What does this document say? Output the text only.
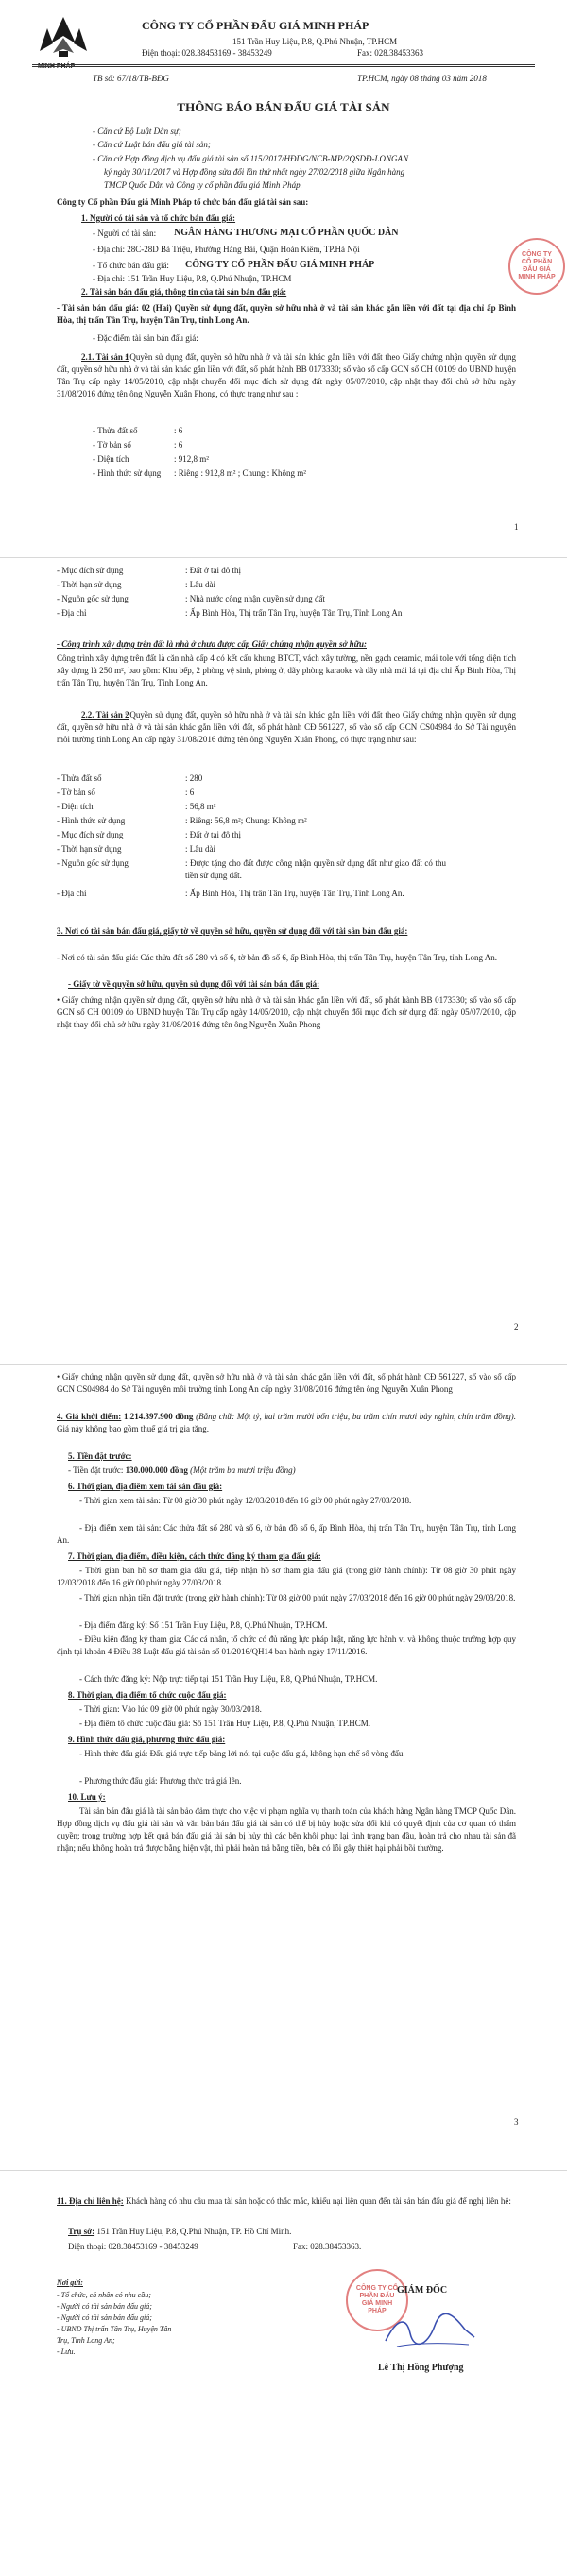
CÔNG TY CỔ PHẦN ĐẤU GIÁ MINH PHÁP
151 Trần Huy Liệu, P.8, Q.Phú Nhuận, TP.HCM
Điện thoại: 028.38453169 - 38453249	Fax: 028.38453363
TB số: 67/18/TB-BĐG	TP.HCM, ngày 08 tháng 03 năm 2018
THÔNG BÁO BÁN ĐẤU GIÁ TÀI SẢN
- Căn cứ Bộ Luật Dân sự;
- Căn cứ Luật bán đấu giá tài sản;
- Căn cứ Hợp đồng dịch vụ đấu giá tài sản số 115/2017/HĐDG/NCB-MP/2QSDĐ-LONGAN
ký ngày 30/11/2017 và Hợp đồng sửa đổi lần thứ nhất ngày 27/02/2018 giữa Ngân hàng
TMCP Quốc Dân và Công ty cổ phần đấu giá Minh Pháp.
Công ty Cổ phần Đấu giá Minh Pháp tổ chức bán đấu giá tài sản sau:
1. Người có tài sản và tổ chức bán đấu giá:
- Người có tài sản: NGÂN HÀNG THƯƠNG MẠI CỔ PHẦN QUỐC DÂN
- Địa chỉ: 28C-28D Bà Triệu, Phường Hàng Bài, Quận Hoàn Kiếm, TP.Hà Nội
- Tổ chức bán đấu giá: CÔNG TY CỔ PHẦN ĐẤU GIÁ MINH PHÁP
- Địa chỉ: 151 Trần Huy Liệu, P.8, Q.Phú Nhuận, TP.HCM
2. Tài sản bán đấu giá, thông tin của tài sản bán đấu giá:
- Tài sản bán đấu giá: 02 (Hai) Quyền sử dụng đất, quyền sở hữu nhà ở và tài sản khác gắn liền với đất tại địa chỉ ấp Bình Hòa, thị trấn Tân Trụ, huyện Tân Trụ, tỉnh Long An.
- Đặc điểm tài sản bán đấu giá:
2.1. Tài sản 1
: Quyền sử dụng đất, quyền sở hữu nhà ở và tài sản khác gắn liền với đất theo Giấy chứng nhận quyền sử dụng đất, quyền sở hữu nhà ở và tài sản khác gắn liền với đất, số phát hành BB 0173330; số vào sổ cấp GCN số CH 00109 do UBND huyện Tân Trụ cấp ngày 14/05/2010, cập nhật chuyển đổi mục đích sử dụng đất ngày 05/07/2010, cập nhật thay đổi chủ sở hữu ngày 31/08/2016 đứng tên ông Nguyễn Xuân Phong, có thực trạng như sau :
- Thửa đất số	: 6
- Tờ bản số	: 6
- Diện tích	: 912,8 m²
- Hình thức sử dụng : Riêng : 912,8 m² ; Chung : Không m²
CÔNG TY CỔ PHẦN ĐẤU GIÁ MINH PHÁP
1
- Mục đích sử dụng	: Đất ở tại đô thị
- Thời hạn sử dụng	: Lâu dài
- Nguồn gốc sử dụng	: Nhà nước công nhận quyền sử dụng đất
- Địa chỉ	: Ấp Bình Hòa, Thị trấn Tân Trụ, huyện Tân Trụ, Tỉnh Long An
- Công trình xây dựng trên đất là nhà ở chưa được cấp Giấy chứng nhận quyền sở hữu:
Công trình xây dựng trên đất là căn nhà cấp 4 có kết cấu khung BTCT, vách xây tường, nền gạch ceramic, mái tole với tổng diện tích xây dựng là 250 m², bao gồm: Khu bếp, 2 phòng vệ sinh, phòng ở, dãy phòng karaoke và dãy nhà mái lá tại địa chỉ Ấp Bình Hòa, Thị trấn Tân Trụ, huyện Tân Trụ, Tỉnh Long An.
2.2. Tài sản 2
: Quyền sử dụng đất, quyền sở hữu nhà ở và tài sản khác gắn liền với đất theo Giấy chứng nhận quyền sử dụng đất, quyền sở hữu nhà ở và tài sản khác gắn liền với đất, số phát hành CĐ 561227, số vào sổ cấp GCN CS04984 do Sở Tài nguyên môi trường tỉnh Long An cấp ngày 31/08/2016 đứng tên ông Nguyễn Xuân Phong, có thực trạng như sau:
- Thửa đất số	: 280
- Tờ bản số	: 6
- Diện tích	: 56,8 m²
- Hình thức sử dụng	: Riêng: 56,8 m²; Chung: Không m²
- Mục đích sử dụng	: Đất ở tại đô thị
- Thời hạn sử dụng	: Lâu dài
- Nguồn gốc sử dụng	: Được tặng cho đất được công nhận quyền sử dụng đất như giao đất có thu tiền sử dụng đất.
- Địa chỉ	: Ấp Bình Hòa, Thị trấn Tân Trụ, huyện Tân Trụ, Tỉnh Long An.
3. Nơi có tài sản bán đấu giá, giấy tờ về quyền sở hữu, quyền sử dụng đối với tài sản bán đấu giá:
- Nơi có tài sản đấu giá: Các thửa đất số 280 và số 6, tờ bản đồ số 6, ấp Bình Hòa, thị trấn Tân Trụ, huyện Tân Trụ, tỉnh Long An.
- Giấy tờ về quyền sở hữu, quyền sử dụng đối với tài sản bán đấu giá:
• Giấy chứng nhận quyền sử dụng đất, quyền sở hữu nhà ở và tài sản khác gắn liền với đất, số phát hành BB 0173330; số vào sổ cấp GCN số CH 00109 do UBND huyện Tân Trụ cấp ngày 14/05/2010, cập nhật chuyển đổi mục đích sử dụng đất ngày 05/07/2010, cập nhật thay đổi chủ sở hữu ngày 31/08/2016 đứng tên ông Nguyễn Xuân Phong
2
• Giấy chứng nhận quyền sử dụng đất, quyền sở hữu nhà ở và tài sản khác gắn liền với đất, số phát hành CĐ 561227, số vào sổ cấp GCN CS04984 do Sở Tài nguyên môi trường tỉnh Long An cấp ngày 31/08/2016 đứng tên ông Nguyễn Xuân Phong
4. Giá khởi điểm: 1.214.397.900 đồng (Bằng chữ: Một tỷ, hai trăm mười bốn triệu, ba trăm chín mươi bảy nghìn, chín trăm đồng). Giá này không bao gồm thuế giá trị gia tăng.
5. Tiền đặt trước:
- Tiền đặt trước: 130.000.000 đồng (Một trăm ba mươi triệu đồng)
6. Thời gian, địa điểm xem tài sản đấu giá:
- Thời gian xem tài sản: Từ 08 giờ 30 phút ngày 12/03/2018 đến 16 giờ 00 phút ngày 27/03/2018.
- Địa điểm xem tài sản: Các thửa đất số 280 và số 6, tờ bản đồ số 6, ấp Bình Hòa, thị trấn Tân Trụ, huyện Tân Trụ, tỉnh Long An.
7. Thời gian, địa điểm, điều kiện, cách thức đăng ký tham gia đấu giá:
- Thời gian bán hồ sơ tham gia đấu giá, tiếp nhận hồ sơ tham gia đấu giá (trong giờ hành chính): Từ 08 giờ 30 phút ngày 12/03/2018 đến 16 giờ 00 phút ngày 27/03/2018.
- Thời gian nhận tiền đặt trước (trong giờ hành chính): Từ 08 giờ 00 phút ngày 27/03/2018 đến 16 giờ 00 phút ngày 29/03/2018.
- Địa điểm đăng ký: Số 151 Trần Huy Liệu, P.8, Q.Phú Nhuận, TP.HCM.
- Điều kiện đăng ký tham gia: Các cá nhân, tổ chức có đủ năng lực pháp luật, năng lực hành vi và không thuộc trường hợp quy định tại khoản 4 Điều 38 Luật đấu giá tài sản số 01/2016/QH14 ban hành ngày 17/11/2016.
- Cách thức đăng ký: Nộp trực tiếp tại 151 Trần Huy Liệu, P.8, Q.Phú Nhuận, TP.HCM.
8. Thời gian, địa điểm tổ chức cuộc đấu giá:
- Thời gian: Vào lúc 09 giờ 00 phút ngày 30/03/2018.
- Địa điểm tổ chức cuộc đấu giá: Số 151 Trần Huy Liệu, P.8, Q.Phú Nhuận, TP.HCM.
9. Hình thức đấu giá, phương thức đấu giá:
- Hình thức đấu giá: Đấu giá trực tiếp bằng lời nói tại cuộc đấu giá, không hạn chế số vòng đấu.
- Phương thức đấu giá: Phương thức trả giá lên.
10. Lưu ý:
Tài sản bán đấu giá là tài sản bảo đảm thực cho việc vi phạm nghĩa vụ thanh toán của khách hàng Ngân hàng TMCP Quốc Dân. Hợp đồng dịch vụ đấu giá tài sản và văn bản bán đấu giá tài sản có thể bị hủy hoặc sửa đổi khi có quyết định của cơ quan có thẩm quyền; trong trường hợp kết quả bán đấu giá tài sản bị hủy thì các bên khôi phục lại tình trạng ban đầu, hoàn trả cho nhau tài sản đã nhận; nếu không hoàn trả được bằng hiện vật, thì phải hoàn trả bằng tiền, bên có lỗi gây thiệt hại phải bồi thường.
3
11. Địa chỉ liên hệ: Khách hàng có nhu cầu mua tài sản hoặc có thắc mắc, khiếu nại liên quan đến tài sản bán đấu giá để nghị liên hệ:
Trụ sở: 151 Trần Huy Liệu, P.8, Q.Phú Nhuận, TP. Hồ Chí Minh.
Điện thoại: 028.38453169 - 38453249	Fax: 028.38453363.
Nơi gửi:
- Tổ chức, cá nhân có nhu cầu;
- Người có tài sản bán đấu giá;
- Người có tài sản bán đấu giá;
- UBND Thị trấn Tân Trụ, Huyện Tân
Trụ, Tỉnh Long An;
- Lưu.
CÔNG TY CỔ PHẦN ĐẤU GIÁ MINH PHÁP
GIÁM ĐỐC
Lê Thị Hồng Phượng
